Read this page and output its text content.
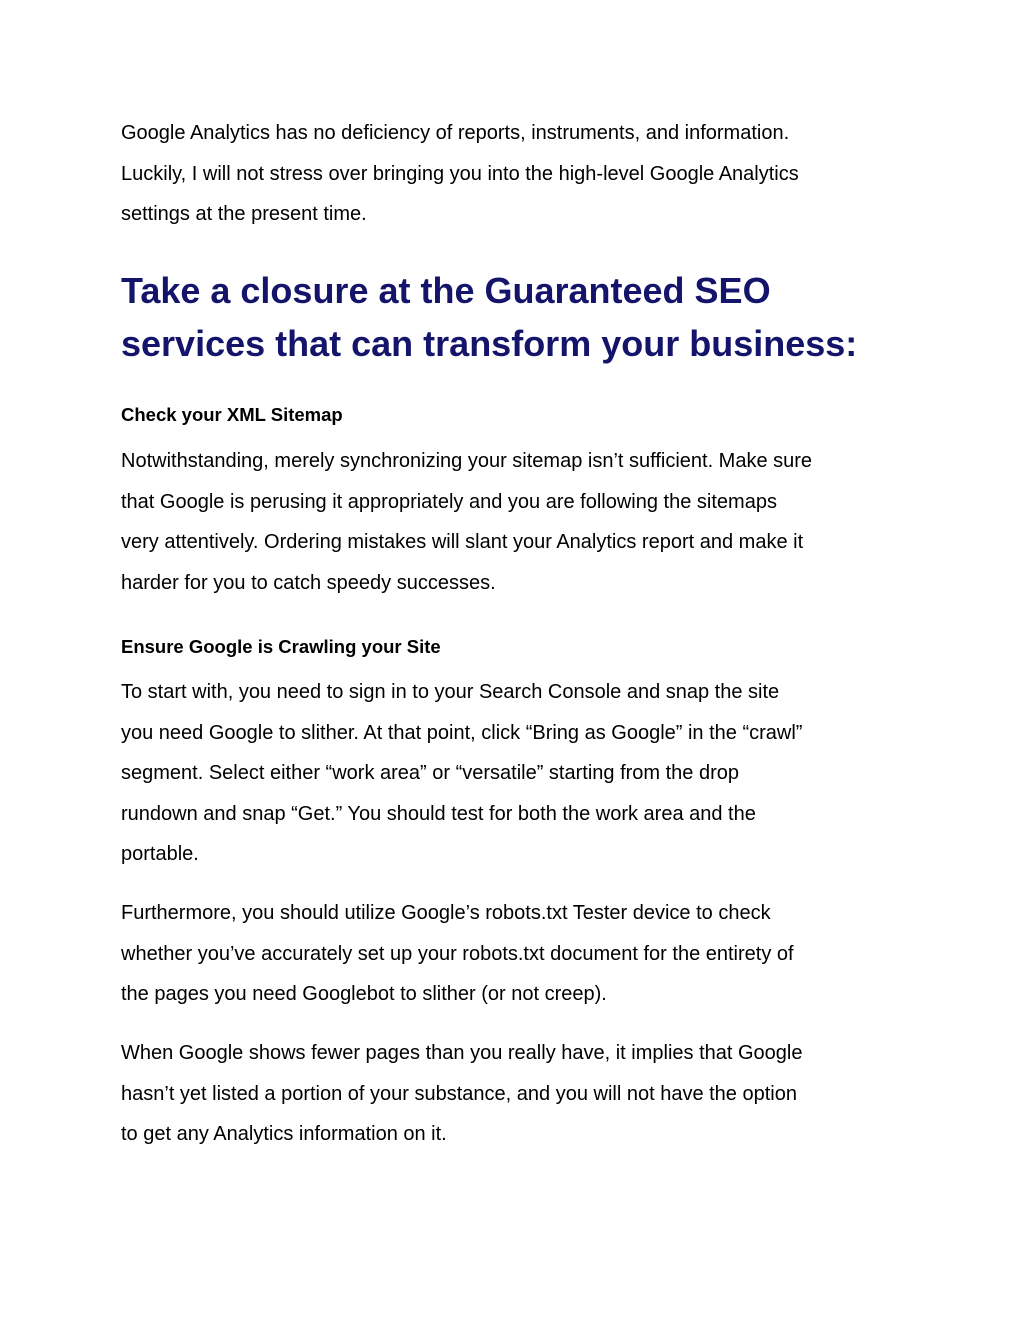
Google Analytics has no deficiency of reports, instruments, and information.
Luckily, I will not stress over bringing you into the high-level Google Analytics
settings at the present time.

Take a closure at the Guaranteed SEO
services that can transform your business:
Check your XML Sitemap

Notwithstanding, merely synchronizing your sitemap isn’t sufficient. Make sure
that Google is perusing it appropriately and you are following the sitemaps
very attentively. Ordering mistakes will slant your Analytics report and make it
harder for you to catch speedy successes.

Ensure Google is Crawling your Site

To start with, you need to sign in to your Search Console and snap the site
you need Google to slither. At that point, click “Bring as Google” in the “crawl”
segment. Select either “work area” or “versatile” starting from the drop
rundown and snap “Get.” You should test for both the work area and the
portable.

Furthermore, you should utilize Google’s robots.txt Tester device to check
whether you’ve accurately set up your robots.txt document for the entirety of
the pages you need Googlebot to slither (or not creep).

When Google shows fewer pages than you really have, it implies that Google
hasn’t yet listed a portion of your substance, and you will not have the option
to get any Analytics information on it.
